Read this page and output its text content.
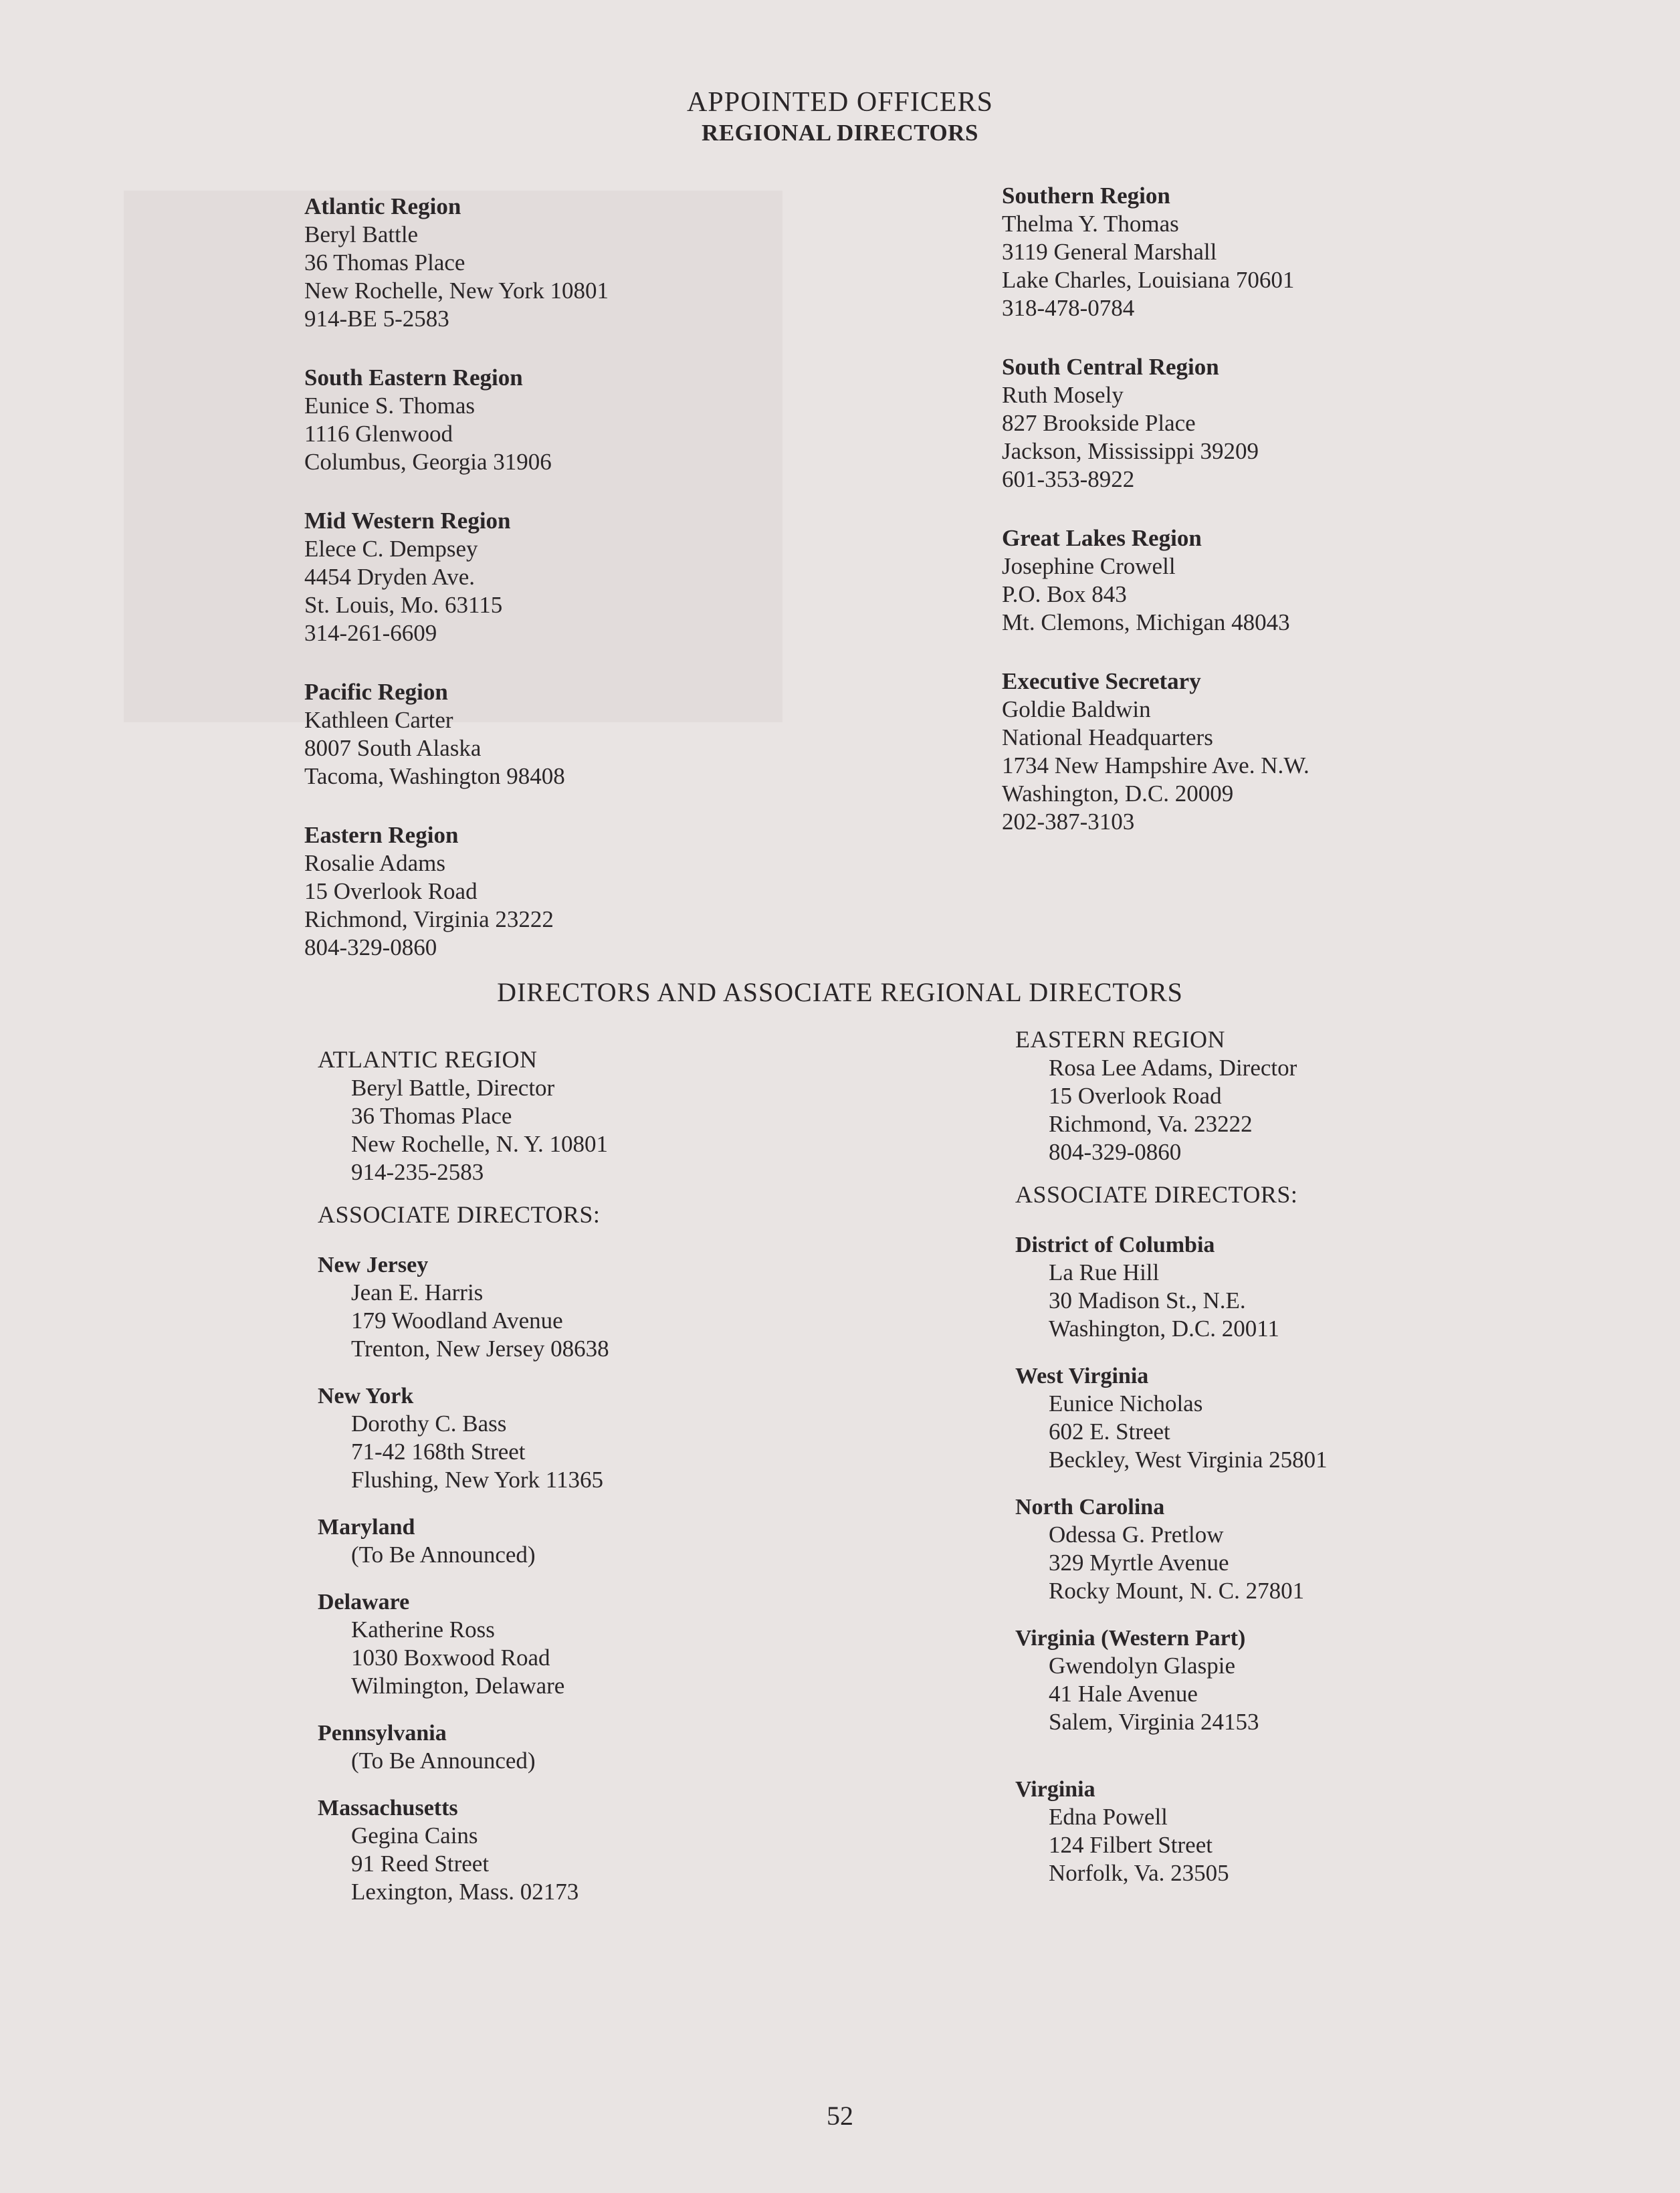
APPOINTED OFFICERS
REGIONAL DIRECTORS
Atlantic Region
Beryl Battle
36 Thomas Place
New Rochelle, New York 10801
914-BE 5-2583
South Eastern Region
Eunice S. Thomas
1116 Glenwood
Columbus, Georgia 31906
Mid Western Region
Elece C. Dempsey
4454 Dryden Ave.
St. Louis, Mo. 63115
314-261-6609
Pacific Region
Kathleen Carter
8007 South Alaska
Tacoma, Washington 98408
Eastern Region
Rosalie Adams
15 Overlook Road
Richmond, Virginia 23222
804-329-0860
Southern Region
Thelma Y. Thomas
3119 General Marshall
Lake Charles, Louisiana 70601
318-478-0784
South Central Region
Ruth Mosely
827 Brookside Place
Jackson, Mississippi 39209
601-353-8922
Great Lakes Region
Josephine Crowell
P.O. Box 843
Mt. Clemons, Michigan 48043
Executive Secretary
Goldie Baldwin
National Headquarters
1734 New Hampshire Ave. N.W.
Washington, D.C. 20009
202-387-3103
DIRECTORS AND ASSOCIATE REGIONAL DIRECTORS
ATLANTIC REGION
Beryl Battle, Director
36 Thomas Place
New Rochelle, N. Y. 10801
914-235-2583
ASSOCIATE DIRECTORS:
New Jersey
Jean E. Harris
179 Woodland Avenue
Trenton, New Jersey 08638
New York
Dorothy C. Bass
71-42 168th Street
Flushing, New York 11365
Maryland
(To Be Announced)
Delaware
Katherine Ross
1030 Boxwood Road
Wilmington, Delaware
Pennsylvania
(To Be Announced)
Massachusetts
Gegina Cains
91 Reed Street
Lexington, Mass. 02173
EASTERN REGION
Rosa Lee Adams, Director
15 Overlook Road
Richmond, Va. 23222
804-329-0860
ASSOCIATE DIRECTORS:
District of Columbia
La Rue Hill
30 Madison St., N.E.
Washington, D.C. 20011
West Virginia
Eunice Nicholas
602 E. Street
Beckley, West Virginia 25801
North Carolina
Odessa G. Pretlow
329 Myrtle Avenue
Rocky Mount, N. C. 27801
Virginia (Western Part)
Gwendolyn Glaspie
41 Hale Avenue
Salem, Virginia 24153
Virginia
Edna Powell
124 Filbert Street
Norfolk, Va. 23505
52
